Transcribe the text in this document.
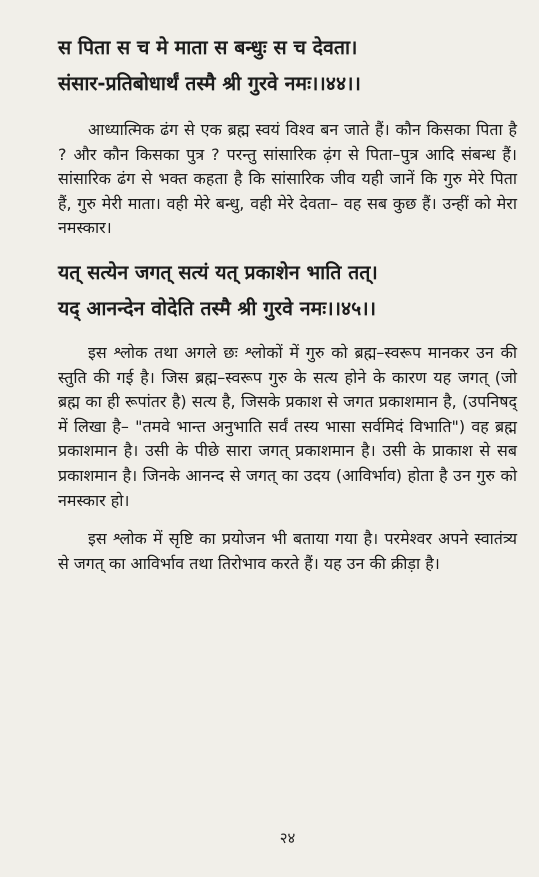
स पिता स च मे माता स बन्धुः स च देवता।

संसार-प्रतिबोधार्थं तस्मै श्री गुरवे नमः।।४४।।

आध्यात्मिक ढंग से एक ब्रह्म स्वयं विश्व बन जाते हैं। कौन किसका पिता है ? और कौन किसका पुत्र ? परन्तु सांसारिक ढ़ंग से पिता–पुत्र आदि संबन्ध हैं। सांसारिक ढंग से भक्त कहता है कि सांसारिक जीव यही जानें कि गुरु मेरे पिता हैं, गुरु मेरी माता। वही मेरे बन्धु, वही मेरे देवता– वह सब कुछ हैं। उन्हीं को मेरा नमस्कार।

यत् सत्येन जगत् सत्यं यत् प्रकाशेन भाति तत्।

यद् आनन्देन वोदेति तस्मै श्री गुरवे नमः।।४५।।

इस श्लोक तथा अगले छः श्लोकों में गुरु को ब्रह्म–स्वरूप मानकर उन की स्तुति की गई है। जिस ब्रह्म–स्वरूप गुरु के सत्य होने के कारण यह जगत् (जो ब्रह्म का ही रूपांतर है) सत्य है, जिसके प्रकाश से जगत प्रकाशमान है, (उपनिषद् में लिखा है– "तमवे भान्त अनुभाति सर्वं तस्य भासा सर्वमिदं विभाति") वह ब्रह्म प्रकाशमान है। उसी के पीछे सारा जगत् प्रकाशमान है। उसी के प्राकाश से सब प्रकाशमान है। जिनके आनन्द से जगत् का उदय (आविर्भाव) होता है उन गुरु को नमस्कार हो।

इस श्लोक में सृष्टि का प्रयोजन भी बताया गया है। परमेश्वर अपने स्वातंत्र्य से जगत् का आविर्भाव तथा तिरोभाव करते हैं। यह उन की क्रीड़ा है।

२४
